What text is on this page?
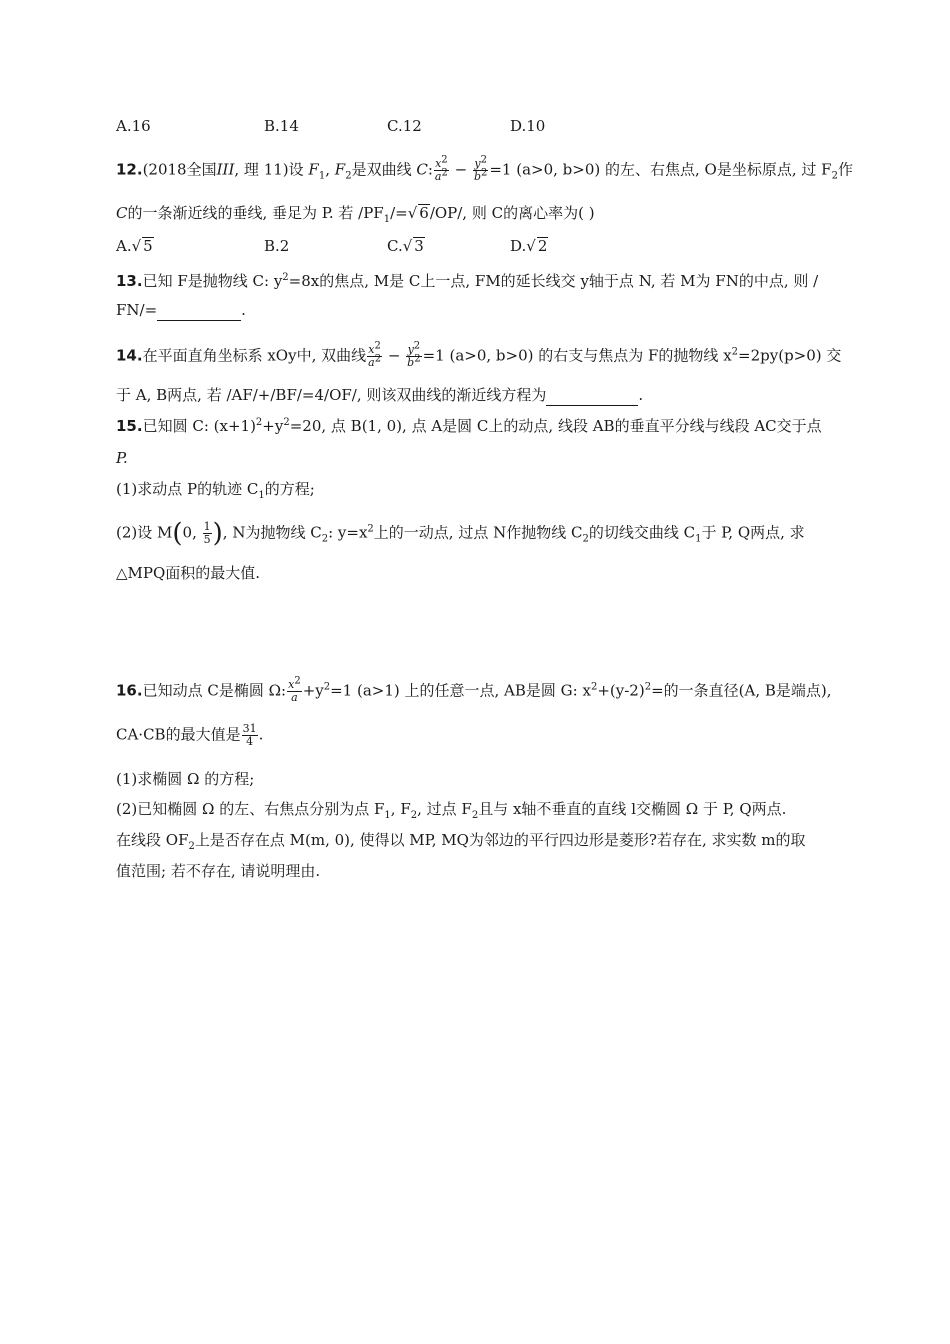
A.16	B.14	C.12	D.10
12.(2018全国III, 理 11)设 $F_1$, $F_2$是双曲线 C: $\frac{x^2}{a^2} - \frac{y^2}{b^2} =1$ (a>0, b>0) 的左、右焦点, O是坐标原点, 过 $F_2$作
C的一条渐近线的垂线, 垂足为 P. 若 $/PF_1/=√$ 6/OP/, 则 C的离心率为( )
A.√ 5	B.2	C.√ 3	D.√ 2
13.已知 F是抛物线 C: $y^2=8x$的焦点, M是 C上一点, FM的延长线交 y轴于点 N, 若 M为 FN的中点, 则 /
FN/=	.
14.在平面直角坐标系 xOy中, 双曲线 $\frac{x^2}{a^2} - \frac{y^2}{b^2} =1$ (a>0, b>0) 的右支与焦点为 F的抛物线 $x^2=2py(p>0)$ 交
于 A, B两点, 若 /AF/+/BF/=4/OF/, 则该双曲线的渐近线方程为	.
15.已知圆 C: $(x+1)^2+y^2=20$, 点 B(1, 0), 点 A是圆 C上的动点, 线段 AB的垂直平分线与线段 AC交于点
P.
(1)求动点 P的轨迹 $C_1$的方程;
(2)设 M(0, $\frac{1}{5}$ ), N为抛物线 $C_2$: $y=x^2$上的一动点, 过点 N作抛物线 $C_2$的切线交曲线 $C_1$于 P, Q两点, 求
△MPQ面积的最大值.
16.已知动点 C是椭圆 Ω: $\frac{x^2}{a} +y^2=1$ (a>1) 上的任意一点, AB是圆 G: $x^2+(y-2)^2=$的一条直径(A, B是端点),
CA·CB的最大值是 $\frac{31}{4}$ .
(1)求椭圆 Ω 的方程;
(2)已知椭圆 Ω 的左、右焦点分别为点 $F_1$, $F_2$, 过点 $F_2$且与 x轴不垂直的直线 l交椭圆 Ω 于 P, Q两点.
在线段 $OF_2$上是否存在点 M(m, 0), 使得以 MP, MQ为邻边的平行四边形是菱形?若存在, 求实数 m的取
值范围; 若不存在, 请说明理由.
